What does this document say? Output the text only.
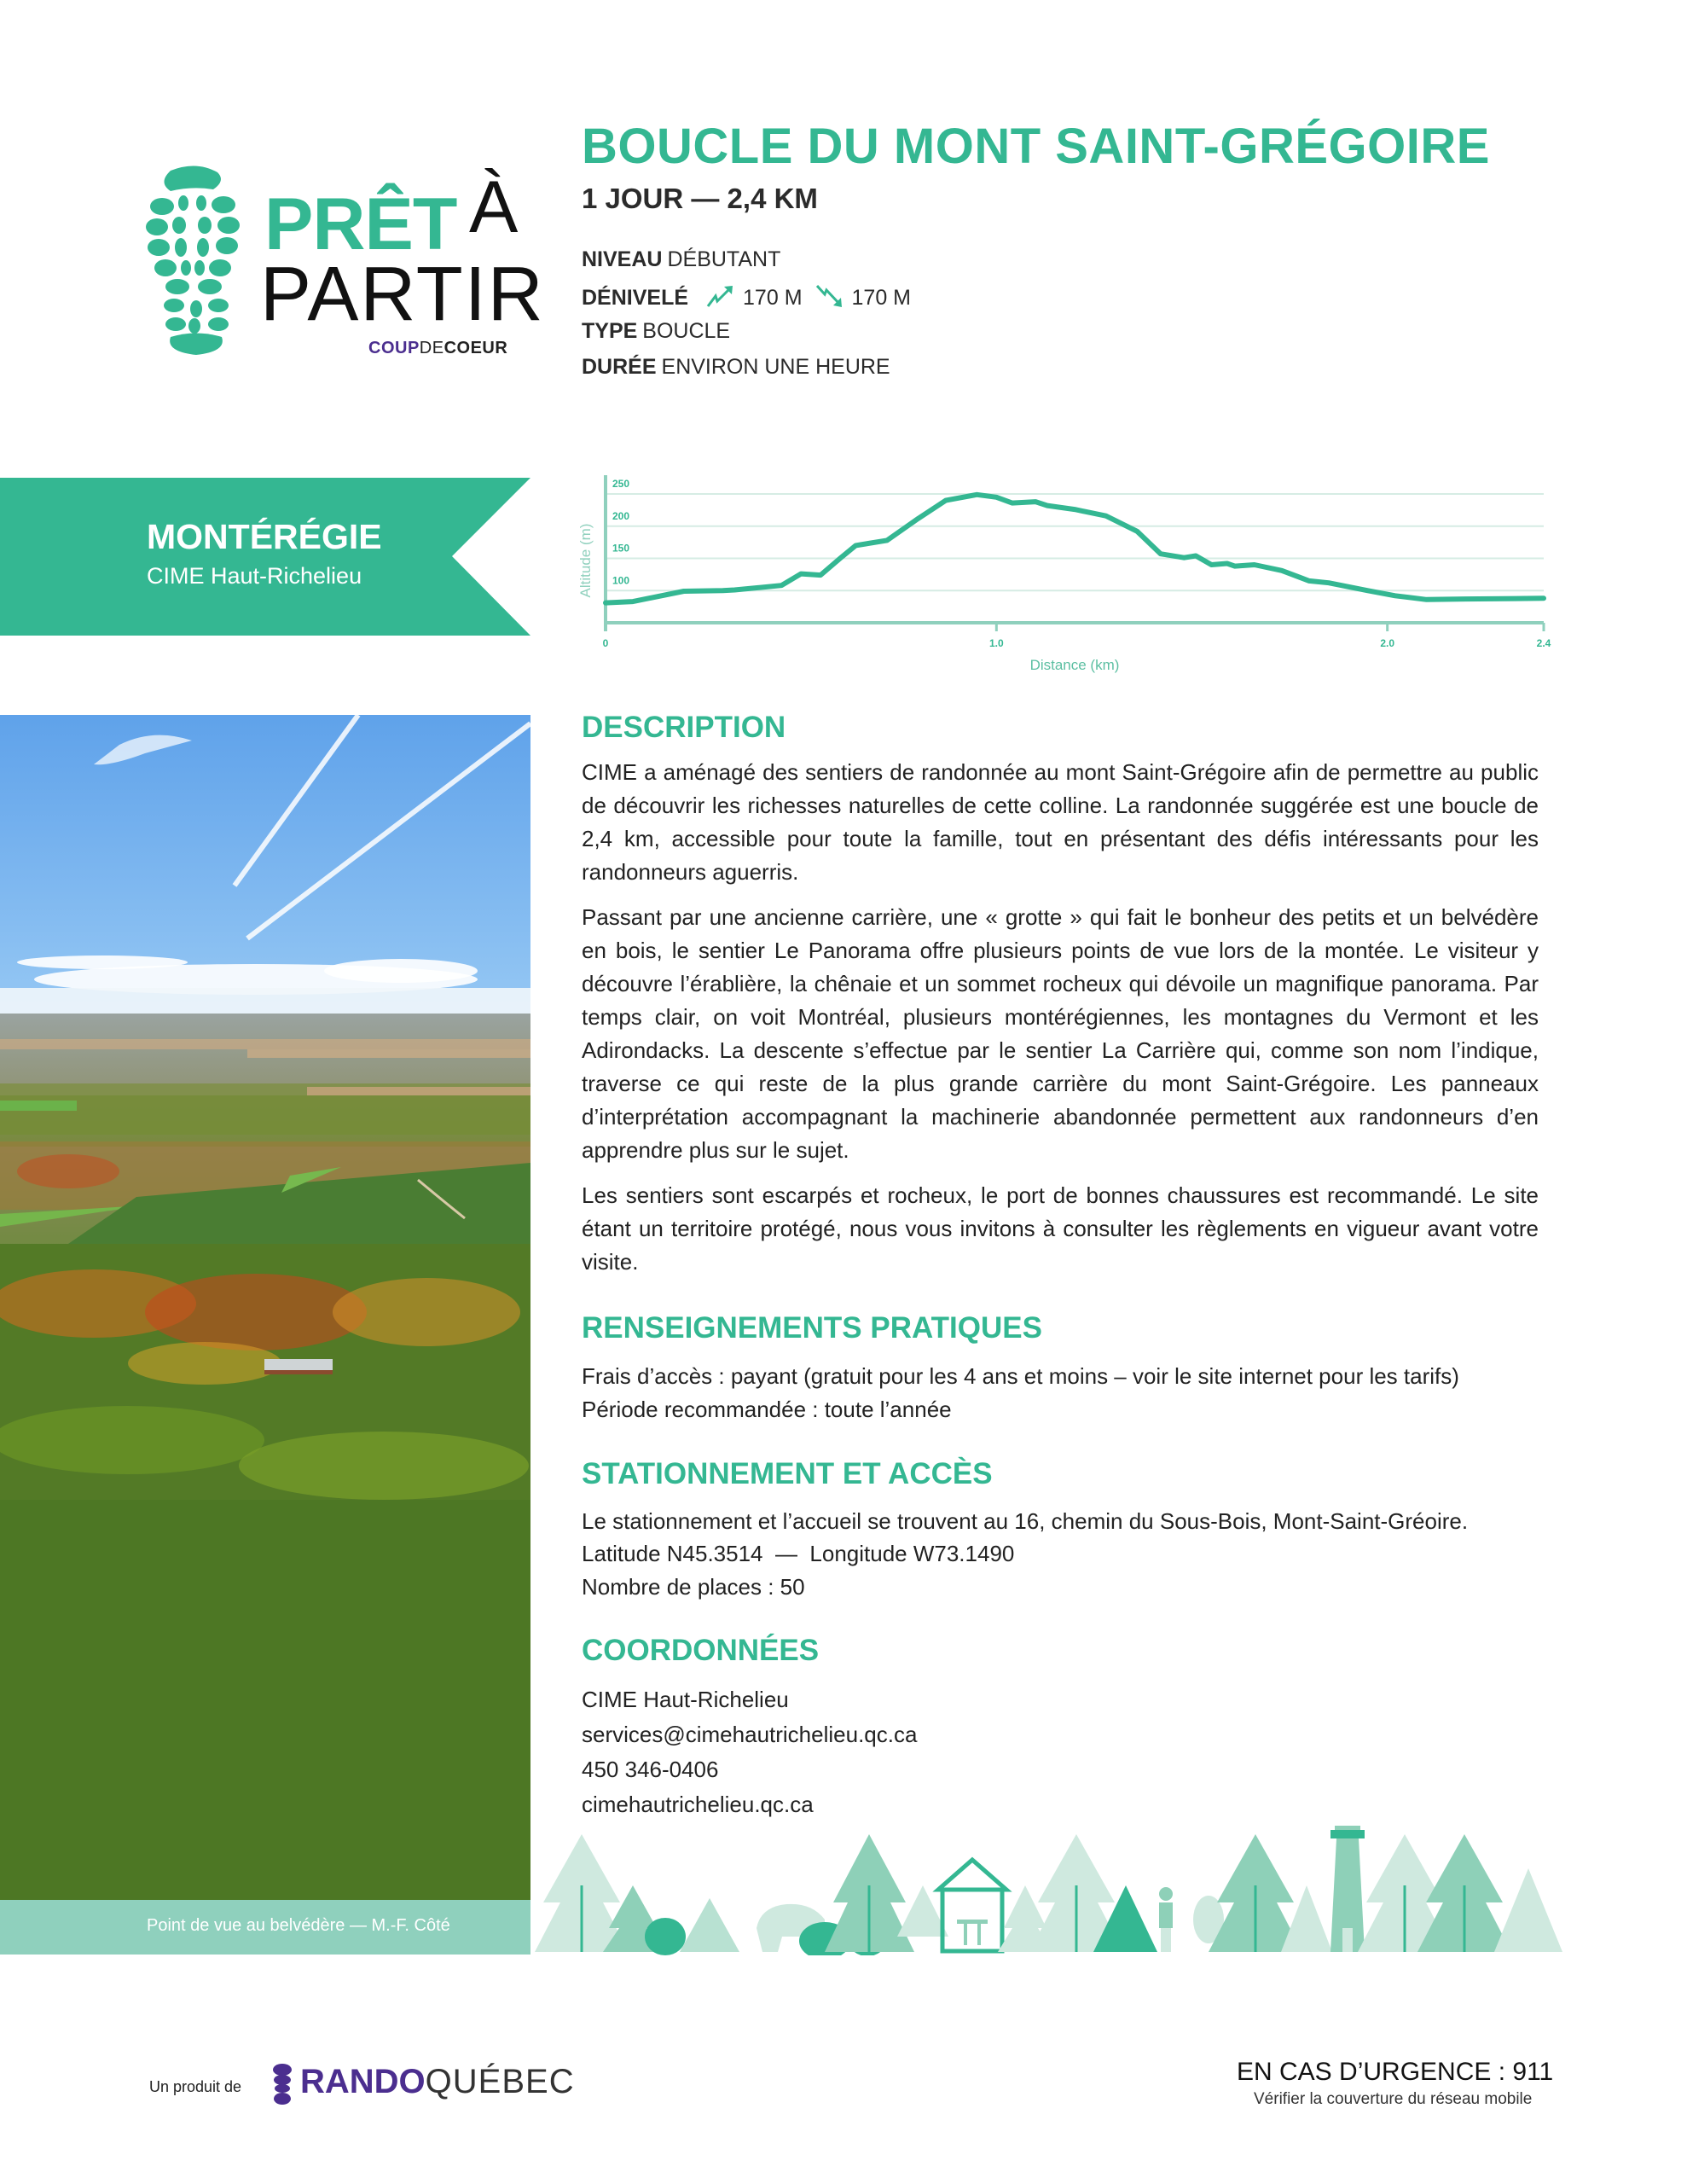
PRÊT À
PARTIR
COUPDECOEUR
BOUCLE DU MONT SAINT-GRÉGOIRE
1 JOUR — 2,4 KM
NIVEAU DÉBUTANT
DÉNIVELÉ	170 M 170 M
TYPE BOUCLE
DURÉE ENVIRON UNE HEURE
MONTÉRÉGIE
CIME Haut-Richelieu	100
150
200
250
0	1.0	2.0	2.4
Altitude (m)
Distance (km)
Point de vue au belvédère — M.-F. Côté
DESCRIPTION
CIME a aménagé des sentiers de randonnée au mont Saint-Grégoire afin de permettre au public de découvrir les richesses naturelles de cette colline. La randonnée suggérée est une boucle de 2,4 km, accessible pour toute la famille, tout en présentant des défis intéressants pour les randonneurs aguerris.
Passant par une ancienne carrière, une « grotte » qui fait le bonheur des petits et un belvédère en bois, le sentier Le Panorama offre plusieurs points de vue lors de la montée. Le visiteur y découvre l’érablière, la chênaie et un sommet rocheux qui dévoile un magnifique panorama. Par temps clair, on voit Montréal, plusieurs montérégiennes, les montagnes du Vermont et les Adirondacks. La descente s’effectue par le sentier La Carrière qui, comme son nom l’indique, traverse ce qui reste de la plus grande carrière du mont Saint-Grégoire. Les panneaux d’interprétation accompagnant la machinerie abandonnée permettent aux randonneurs d’en apprendre plus sur le sujet.
Les sentiers sont escarpés et rocheux, le port de bonnes chaussures est recommandé. Le site étant un territoire protégé, nous vous invitons à consulter les règlements en vigueur avant votre visite.
RENSEIGNEMENTS PRATIQUES
Frais d’accès : payant (gratuit pour les 4 ans et moins – voir le site internet pour les tarifs)
Période recommandée : toute l’année
STATIONNEMENT ET ACCÈS
Le stationnement et l’accueil se trouvent au 16, chemin du Sous-Bois, Mont-Saint-Gréoire.
Latitude N45.3514  —  Longitude W73.1490
Nombre de places : 50
COORDONNÉES
CIME Haut-Richelieu
services@cimehautrichelieu.qc.ca
450 346-0406
cimehautrichelieu.qc.ca
Un produit de RANDOQUÉBEC	EN CAS D’URGENCE : 911
Vérifier la couverture du réseau mobile
